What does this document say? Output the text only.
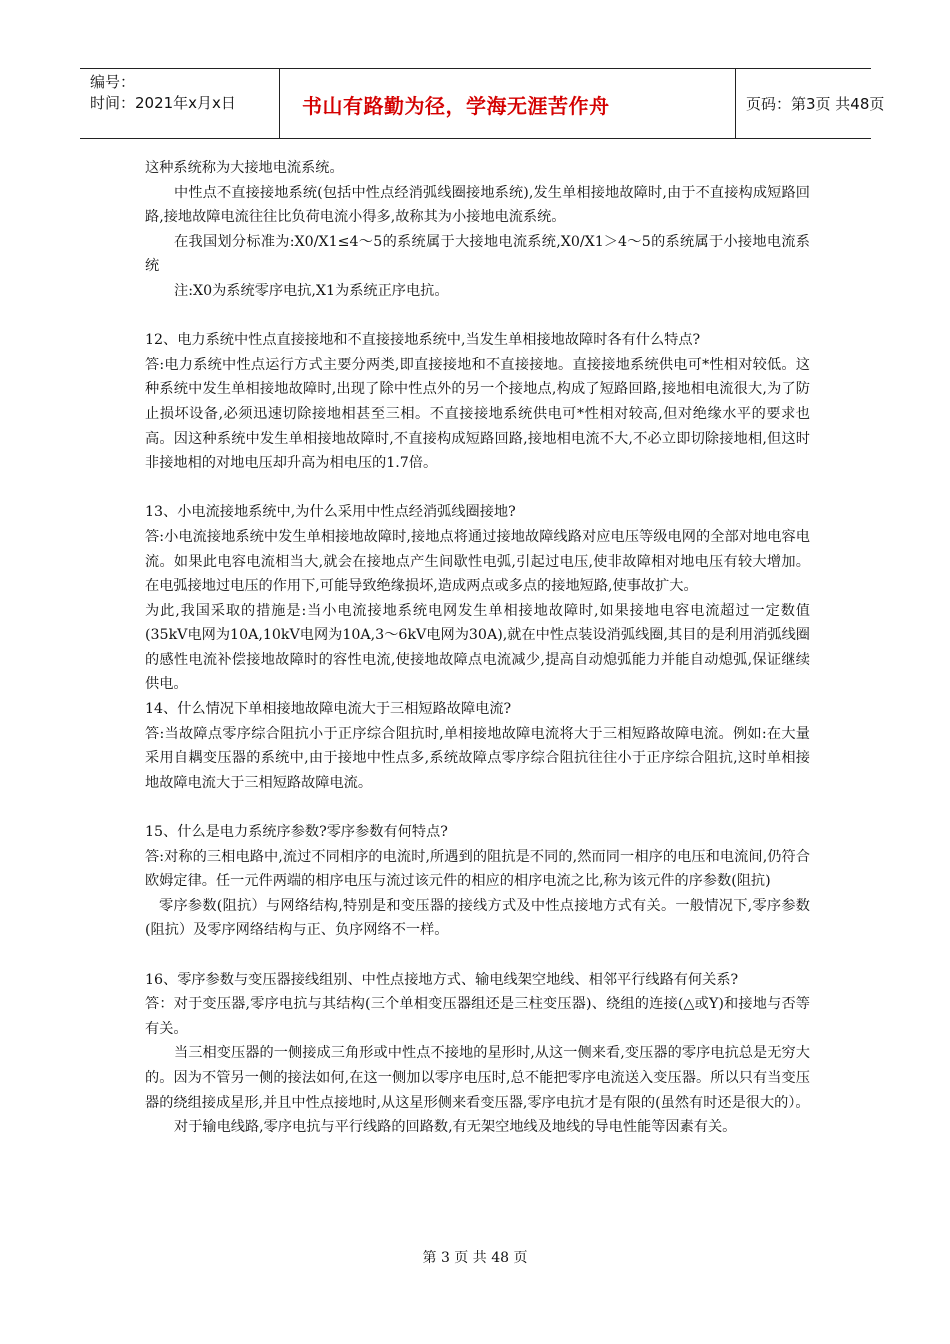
编号：
时间：2021年x月x日	书山有路勤为径，学海无涯苦作舟	页码：第3页 共48页

这种系统称为大接地电流系统。

中性点不直接接地系统(包括中性点经消弧线圈接地系统),发生单相接地故障时,由于不直接构成短路回路,接地故障电流往往比负荷电流小得多,故称其为小接地电流系统。

在我国划分标准为:X0/X1≤4～5的系统属于大接地电流系统,X0/X1＞4～5的系统属于小接地电流系统

注:X0为系统零序电抗,X1为系统正序电抗。

12、电力系统中性点直接接地和不直接接地系统中,当发生单相接地故障时各有什么特点?

答:电力系统中性点运行方式主要分两类,即直接接地和不直接接地。直接接地系统供电可*性相对较低。这种系统中发生单相接地故障时,出现了除中性点外的另一个接地点,构成了短路回路,接地相电流很大,为了防止损坏设备,必须迅速切除接地相甚至三相。不直接接地系统供电可*性相对较高,但对绝缘水平的要求也高。因这种系统中发生单相接地故障时,不直接构成短路回路,接地相电流不大,不必立即切除接地相,但这时非接地相的对地电压却升高为相电压的1.7倍。

13、小电流接地系统中,为什么采用中性点经消弧线圈接地?

答:小电流接地系统中发生单相接地故障时,接地点将通过接地故障线路对应电压等级电网的全部对地电容电流。如果此电容电流相当大,就会在接地点产生间歇性电弧,引起过电压,使非故障相对地电压有较大增加。在电弧接地过电压的作用下,可能导致绝缘损坏,造成两点或多点的接地短路,使事故扩大。

为此,我国采取的措施是:当小电流接地系统电网发生单相接地故障时,如果接地电容电流超过一定数值(35kV电网为10A,10kV电网为10A,3～6kV电网为30A),就在中性点装设消弧线圈,其目的是利用消弧线圈的感性电流补偿接地故障时的容性电流,使接地故障点电流减少,提高自动熄弧能力并能自动熄弧,保证继续供电。

14、什么情况下单相接地故障电流大于三相短路故障电流?

答:当故障点零序综合阻抗小于正序综合阻抗时,单相接地故障电流将大于三相短路故障电流。例如:在大量采用自耦变压器的系统中,由于接地中性点多,系统故障点零序综合阻抗往往小于正序综合阻抗,这时单相接地故障电流大于三相短路故障电流。

15、什么是电力系统序参数?零序参数有何特点?

答:对称的三相电路中,流过不同相序的电流时,所遇到的阻抗是不同的,然而同一相序的电压和电流间,仍符合欧姆定律。任一元件两端的相序电压与流过该元件的相应的相序电流之比,称为该元件的序参数(阻抗)

零序参数(阻抗）与网络结构,特别是和变压器的接线方式及中性点接地方式有关。一般情况下,零序参数(阻抗）及零序网络结构与正、负序网络不一样。

16、零序参数与变压器接线组别、中性点接地方式、输电线架空地线、相邻平行线路有何关系?

答：对于变压器,零序电抗与其结构(三个单相变压器组还是三柱变压器)、绕组的连接(△或Y)和接地与否等有关。

当三相变压器的一侧接成三角形或中性点不接地的星形时,从这一侧来看,变压器的零序电抗总是无穷大的。因为不管另一侧的接法如何,在这一侧加以零序电压时,总不能把零序电流送入变压器。所以只有当变压器的绕组接成星形,并且中性点接地时,从这星形侧来看变压器,零序电抗才是有限的(虽然有时还是很大的）。

对于输电线路,零序电抗与平行线路的回路数,有无架空地线及地线的导电性能等因素有关。

第 3 页 共 48 页
